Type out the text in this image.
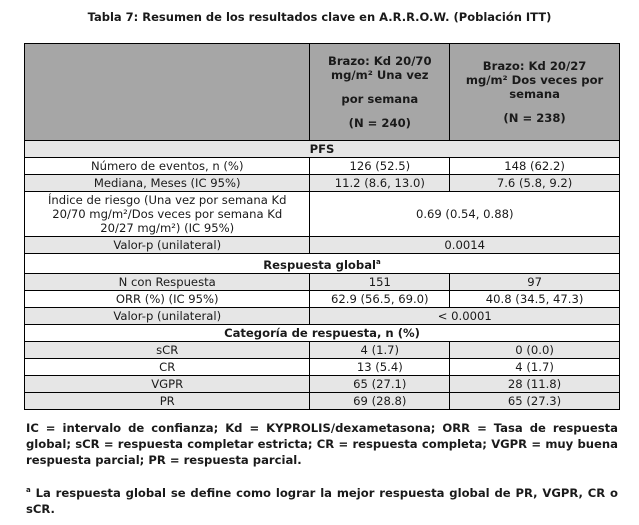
Tabla 7: Resumen de los resultados clave en A.R.R.O.W. (Población ITT)

	Brazo: Kd 20/70
mg/m² Una vez
por semana
(N = 240)	Brazo: Kd 20/27
mg/m² Dos veces por
semana
(N = 238)

PFS		
Número de eventos, n (%)	126 (52.5)	148 (62.2)
Mediana, Meses (IC 95%)	11.2 (8.6, 13.0)	7.6 (5.8, 9.2)

Índice de riesgo (Una vez por semana Kd
20/70 mg/m²/Dos veces por semana Kd
20/27 mg/m²) (IC 95%)	0.69 (0.54, 0.88)	
Valor-p (unilateral)	0.0014	
Respuesta global$^a$
N con Respuesta	151	97
ORR (%) (IC 95%)	62.9 (56.5, 69.0)	40.8 (34.5, 47.3)
Valor-p (unilateral)	< 0.0001	
Categoría de respuesta, n (%)		
sCR	4 (1.7)	0 (0.0)
CR	13 (5.4)	4 (1.7)
VGPR	65 (27.1)	28 (11.8)
PR	69 (28.8)	65 (27.3)
IC = intervalo de confianza; Kd = KYPROLIS/dexametasona; ORR = Tasa de respuesta global; sCR = respuesta completar estricta; CR = respuesta completa; VGPR = muy buena respuesta parcial; PR = respuesta parcial.
$^a$ La respuesta global se define como lograr la mejor respuesta global de PR, VGPR, CR o sCR.
